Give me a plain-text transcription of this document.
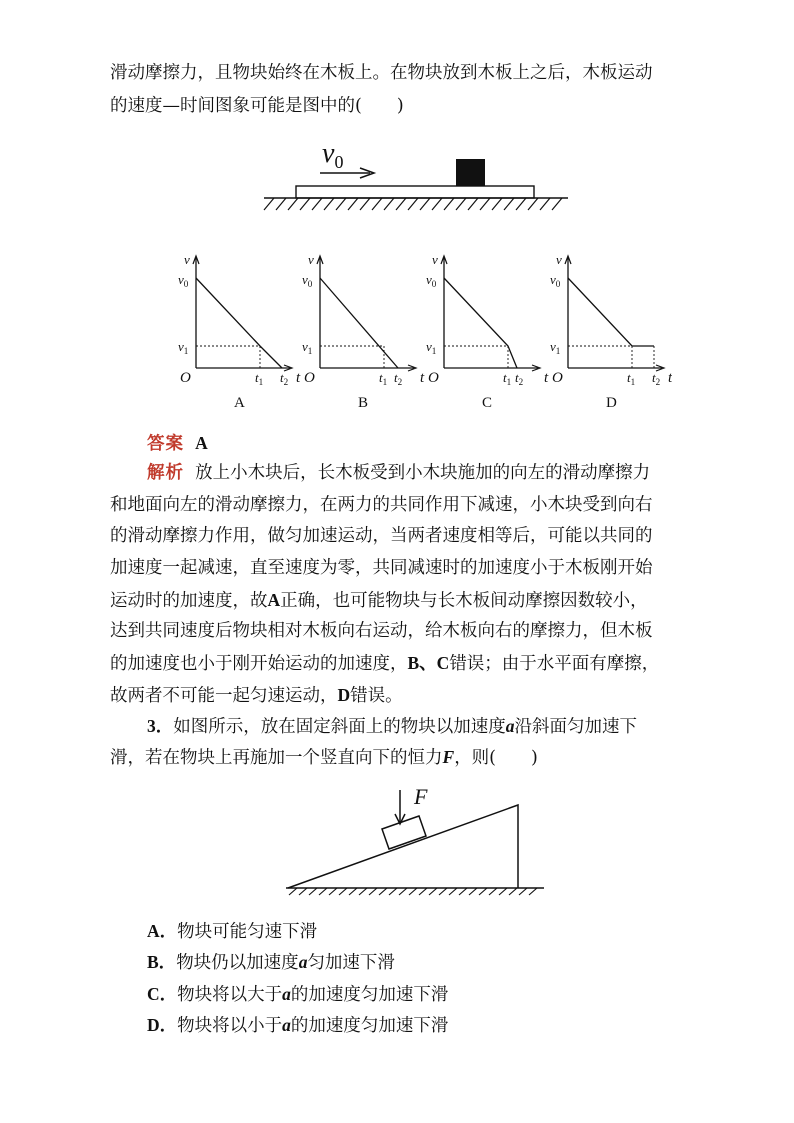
滑动摩擦力，且物块始终在木板上。在物块放到木板上之后，木板运动
的速度—时间图象可能是图中的(　　)
$v_0$
v
t
O
$v_0$
$v_1$
$t_1$ $t_2$
A
v
t
O
$v_0$
$v_1$
$t_1$ $t_2$
B
v
t
O
$v_0$
$v_1$
$t_1$ $t_2$
C
v
t
O
$v_0$
$v_1$
$t_1$ $t_2$
D
答案 A
解析 放上小木块后，长木板受到小木块施加的向左的滑动摩擦力
和地面向左的滑动摩擦力，在两力的共同作用下减速，小木块受到向右
的滑动摩擦力作用，做匀加速运动，当两者速度相等后，可能以共同的
加速度一起减速，直至速度为零，共同减速时的加速度小于木板刚开始
运动时的加速度，故A正确，也可能物块与长木板间动摩擦因数较小，
达到共同速度后物块相对木板向右运动，给木板向右的摩擦力，但木板
的加速度也小于刚开始运动的加速度，B、C错误；由于水平面有摩擦，
故两者不可能一起匀速运动，D错误。
3．如图所示，放在固定斜面上的物块以加速度a沿斜面匀加速下
滑，若在物块上再施加一个竖直向下的恒力F，则(　　)
F
A．物块可能匀速下滑
B．物块仍以加速度a匀加速下滑
C．物块将以大于a的加速度匀加速下滑
D．物块将以小于a的加速度匀加速下滑
